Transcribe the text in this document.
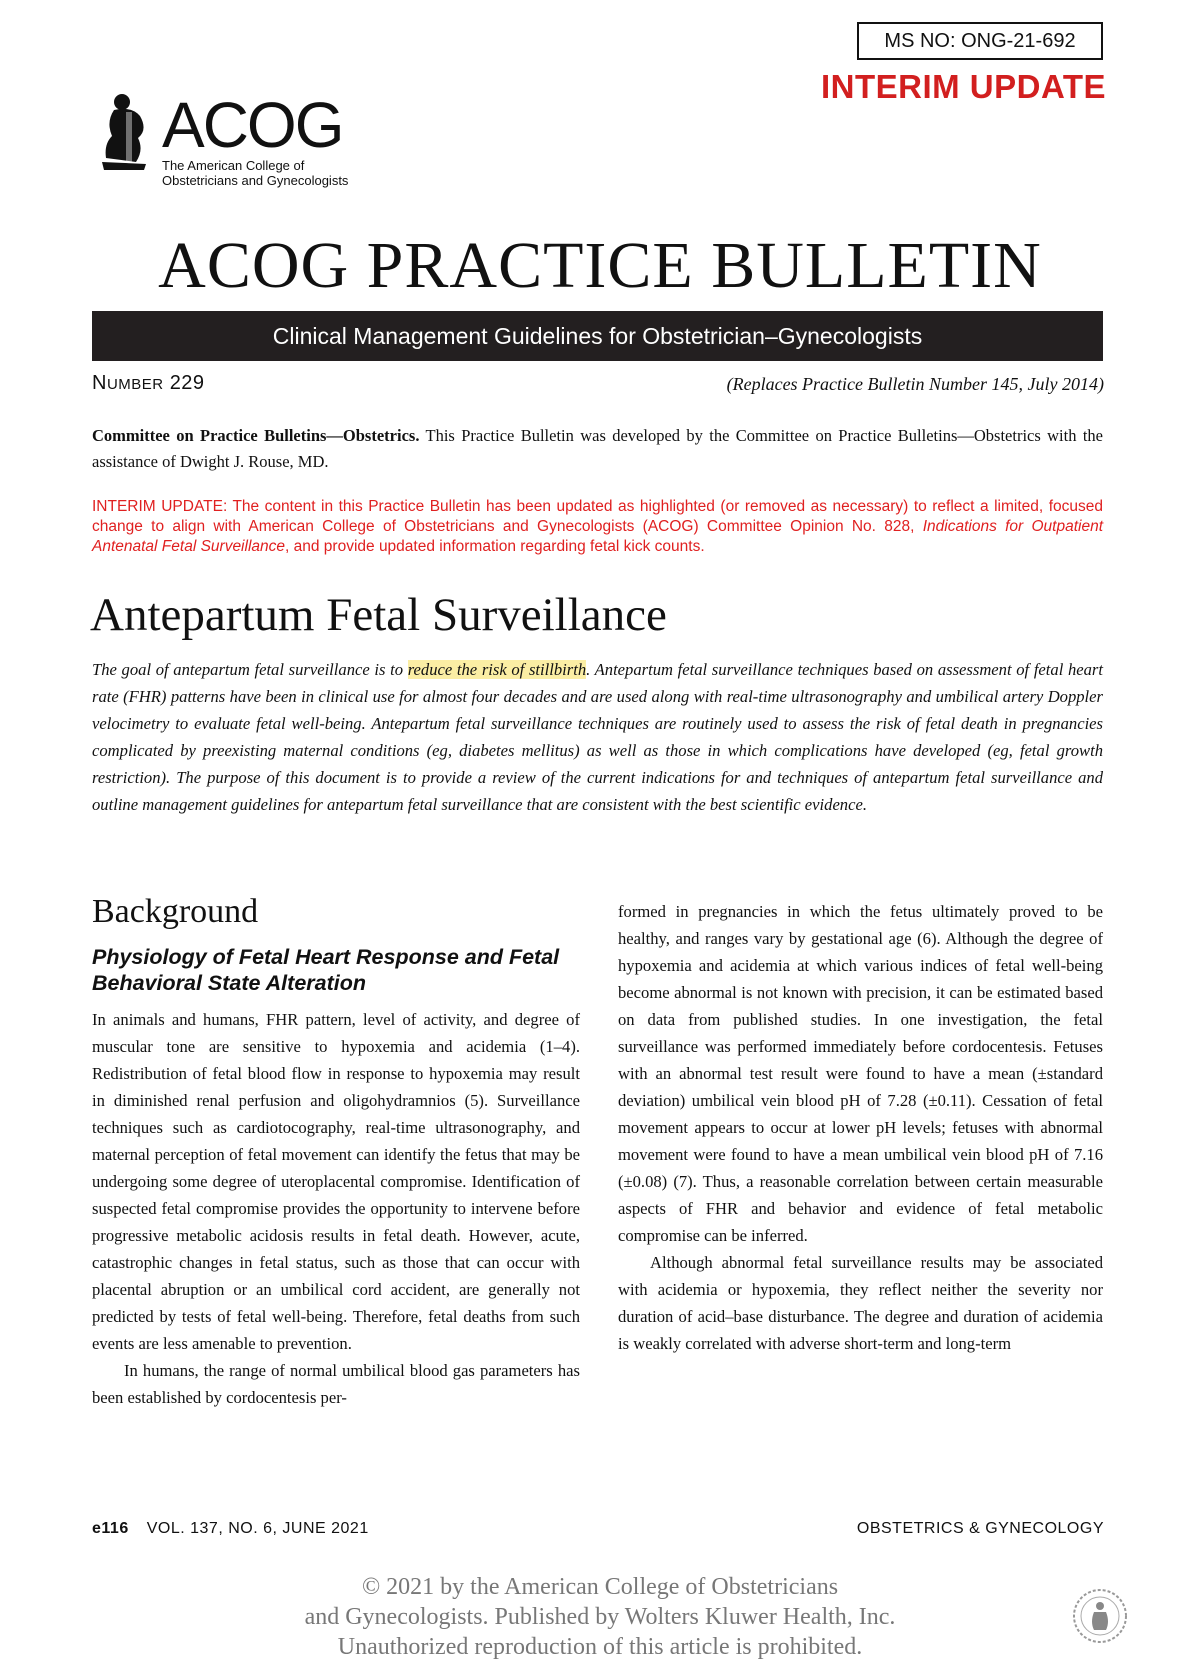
MS NO: ONG-21-692
INTERIM UPDATE
ACOG
The American College of
Obstetricians and Gynecologists
ACOG PRACTICE BULLETIN
Clinical Management Guidelines for Obstetrician–Gynecologists
NUMBER 229	(Replaces Practice Bulletin Number 145, July 2014)
Committee on Practice Bulletins—Obstetrics. This Practice Bulletin was developed by the Committee on Practice Bulletins—Obstetrics with the assistance of Dwight J. Rouse, MD.
INTERIM UPDATE: The content in this Practice Bulletin has been updated as highlighted (or removed as necessary) to reflect a limited, focused change to align with American College of Obstetricians and Gynecologists (ACOG) Committee Opinion No. 828, Indications for Outpatient Antenatal Fetal Surveillance, and provide updated information regarding fetal kick counts.
Antepartum Fetal Surveillance
The goal of antepartum fetal surveillance is to reduce the risk of stillbirth. Antepartum fetal surveillance techniques based on assessment of fetal heart rate (FHR) patterns have been in clinical use for almost four decades and are used along with real-time ultrasonography and umbilical artery Doppler velocimetry to evaluate fetal well-being. Antepartum fetal surveillance techniques are routinely used to assess the risk of fetal death in pregnancies complicated by preexisting maternal conditions (eg, diabetes mellitus) as well as those in which complications have developed (eg, fetal growth restriction). The purpose of this document is to provide a review of the current indications for and techniques of antepartum fetal surveillance and outline management guidelines for antepartum fetal surveillance that are consistent with the best scientific evidence.
Background
Physiology of Fetal Heart Response and Fetal Behavioral State Alteration

In animals and humans, FHR pattern, level of activity, and degree of muscular tone are sensitive to hypoxemia and acidemia (1–4). Redistribution of fetal blood flow in response to hypoxemia may result in diminished renal perfusion and oligohydramnios (5). Surveillance techniques such as cardiotocography, real-time ultrasonography, and maternal perception of fetal movement can identify the fetus that may be undergoing some degree of uteroplacental compromise. Identification of suspected fetal compromise provides the opportunity to intervene before progressive metabolic acidosis results in fetal death. However, acute, catastrophic changes in fetal status, such as those that can occur with placental abruption or an umbilical cord accident, are generally not predicted by tests of fetal well-being. Therefore, fetal deaths from such events are less amenable to prevention.

In humans, the range of normal umbilical blood gas parameters has been established by cordocentesis per-

formed in pregnancies in which the fetus ultimately proved to be healthy, and ranges vary by gestational age (6). Although the degree of hypoxemia and acidemia at which various indices of fetal well-being become abnormal is not known with precision, it can be estimated based on data from published studies. In one investigation, the fetal surveillance was performed immediately before cordocentesis. Fetuses with an abnormal test result were found to have a mean (±standard deviation) umbilical vein blood pH of 7.28 (±0.11). Cessation of fetal movement appears to occur at lower pH levels; fetuses with abnormal movement were found to have a mean umbilical vein blood pH of 7.16 (±0.08) (7). Thus, a reasonable correlation between certain measurable aspects of FHR and behavior and evidence of fetal metabolic compromise can be inferred.

Although abnormal fetal surveillance results may be associated with acidemia or hypoxemia, they reflect neither the severity nor duration of acid–base disturbance. The degree and duration of acidemia is weakly correlated with adverse short-term and long-term

e116 VOL. 137, NO. 6, JUNE 2021	OBSTETRICS & GYNECOLOGY
© 2021 by the American College of Obstetricians
and Gynecologists. Published by Wolters Kluwer Health, Inc.
Unauthorized reproduction of this article is prohibited.
